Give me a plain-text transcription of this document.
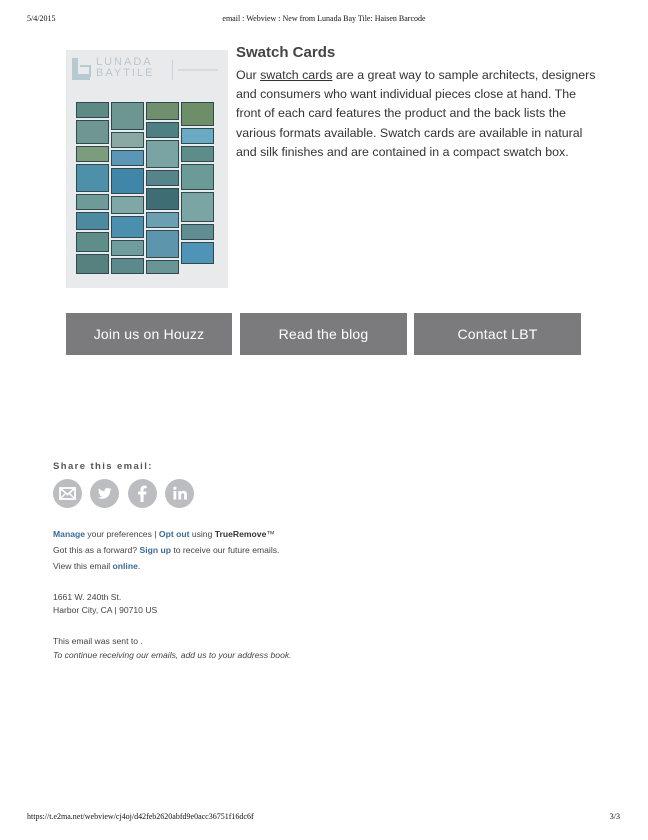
5/4/2015	email : Webview : New from Lunada Bay Tile: Haisen Barcode
LUNADA
BAYTILE
Swatch Cards

Our swatch cards are a great way to sample architects, designers and consumers who want individual pieces close at hand. The front of each card features the product and the back lists the various formats available. Swatch cards are available in natural and silk finishes and are contained in a compact swatch box.

Join us on Houzz	Read the blog	Contact LBT
Share this email:
Manage your preferences | Opt out using TrueRemove™
Got this as a forward? Sign up to receive our future emails.
View this email online.
1661 W. 240th St.
Harbor City, CA | 90710 US
This email was sent to .
To continue receiving our emails, add us to your address book.
https://t.e2ma.net/webview/cj4oj/d42feb2620abfd9e0acc36751f16dc6f	3/3
